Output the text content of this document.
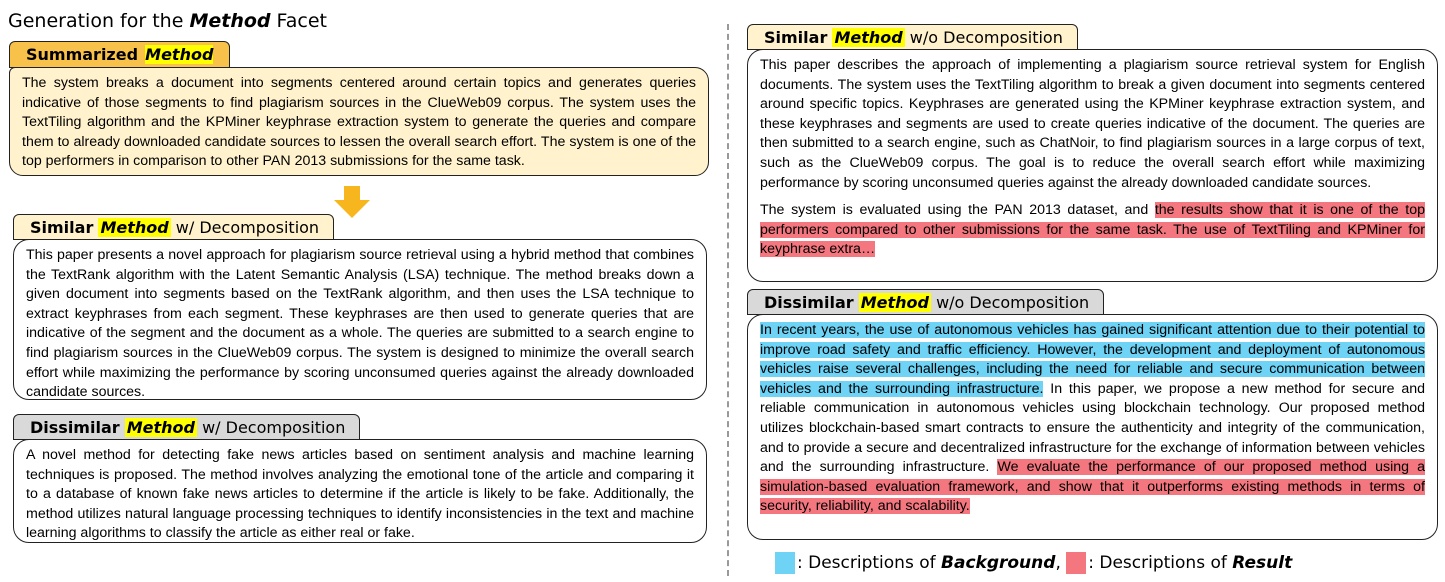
Generation for the Method Facet
Summarized Method

The system breaks a document into segments centered around certain topics and generates queries indicative of those segments to find plagiarism sources in the ClueWeb09 corpus. The system uses the TextTiling algorithm and the KPMiner keyphrase extraction system to generate the queries and compare them to already downloaded candidate sources to lessen the overall search effort. The system is one of the top performers in comparison to other PAN 2013 submissions for the same task.

Similar Method w/ Decomposition

This paper presents a novel approach for plagiarism source retrieval using a hybrid method that combines the TextRank algorithm with the Latent Semantic Analysis (LSA) technique. The method breaks down a given document into segments based on the TextRank algorithm, and then uses the LSA technique to extract keyphrases from each segment. These keyphrases are then used to generate queries that are indicative of the segment and the document as a whole. The queries are submitted to a search engine to find plagiarism sources in the ClueWeb09 corpus. The system is designed to minimize the overall search effort while maximizing the performance by scoring unconsumed queries against the already downloaded candidate sources.

Dissimilar Method w/ Decomposition

A novel method for detecting fake news articles based on sentiment analysis and machine learning techniques is proposed. The method involves analyzing the emotional tone of the article and comparing it to a database of known fake news articles to determine if the article is likely to be fake. Additionally, the method utilizes natural language processing techniques to identify inconsistencies in the text and machine learning algorithms to classify the article as either real or fake.

Similar Method w/o Decomposition

This paper describes the approach of implementing a plagiarism source retrieval system for English documents. The system uses the TextTiling algorithm to break a given document into segments centered around specific topics. Keyphrases are generated using the KPMiner keyphrase extraction system, and these keyphrases and segments are used to create queries indicative of the document. The queries are then submitted to a search engine, such as ChatNoir, to find plagiarism sources in a large corpus of text, such as the ClueWeb09 corpus. The goal is to reduce the overall search effort while maximizing performance by scoring unconsumed queries against the already downloaded candidate sources.

The system is evaluated using the PAN 2013 dataset, and the results show that it is one of the top performers compared to other submissions for the same task. The use of TextTiling and KPMiner for keyphrase extra…

Dissimilar Method w/o Decomposition

In recent years, the use of autonomous vehicles has gained significant attention due to their potential to improve road safety and traffic efficiency. However, the development and deployment of autonomous vehicles raise several challenges, including the need for reliable and secure communication between vehicles and the surrounding infrastructure. In this paper, we propose a new method for secure and reliable communication in autonomous vehicles using blockchain technology. Our proposed method utilizes blockchain-based smart contracts to ensure the authenticity and integrity of the communication, and to provide a secure and decentralized infrastructure for the exchange of information between vehicles and the surrounding infrastructure. We evaluate the performance of our proposed method using a simulation-based evaluation framework, and show that it outperforms existing methods in terms of security, reliability, and scalability.

: Descriptions of
Background ,
: Descriptions of
Result
